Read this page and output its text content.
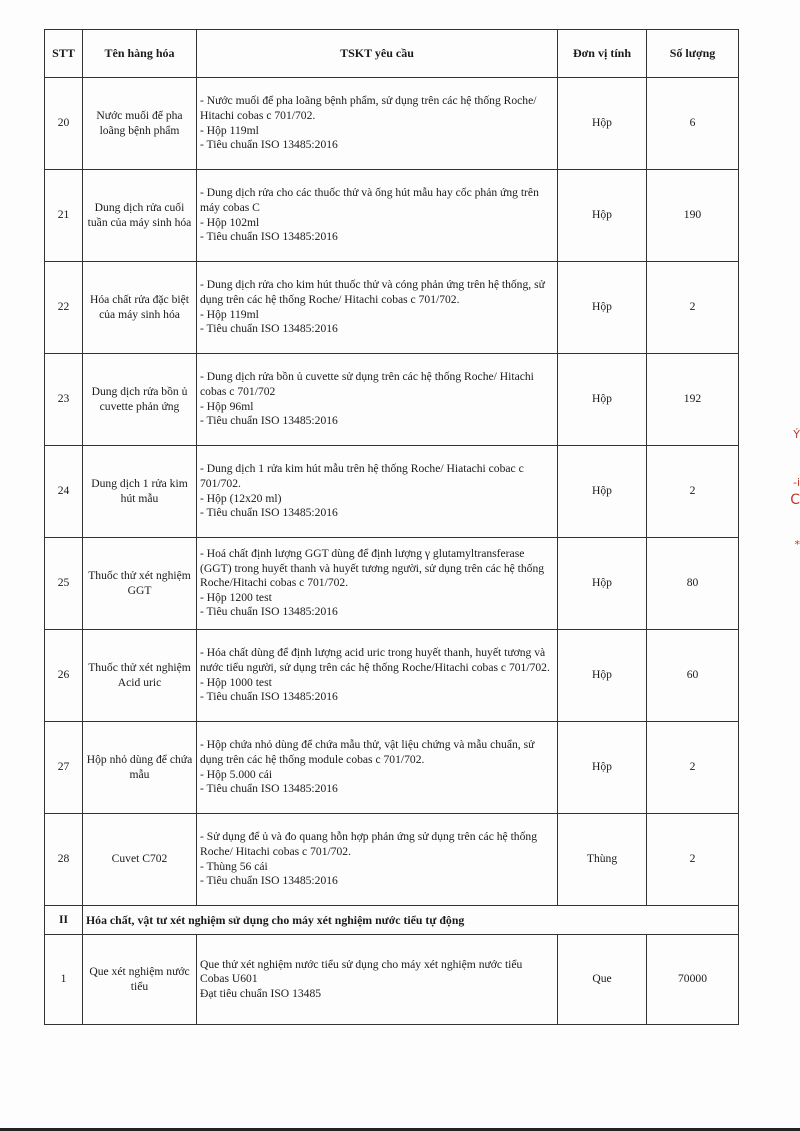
STT	Tên hàng hóa	TSKT yêu cầu	Đơn vị tính	Số lượng
20	Nước muối để pha loãng bệnh phẩm	- Nước muối để pha loãng bệnh phẩm, sử dụng trên các hệ thống Roche/ Hitachi cobas c 701/702.
- Hộp 119ml
- Tiêu chuẩn ISO 13485:2016	Hộp	6
21	Dung dịch rửa cuối tuần của máy sinh hóa	- Dung dịch rửa cho các thuốc thử và ống hút mẫu hay cốc phản ứng trên máy cobas C
- Hộp 102ml
- Tiêu chuẩn ISO 13485:2016	Hộp	190
22	Hóa chất rửa đặc biệt của máy sinh hóa	- Dung dịch rửa cho kim hút thuốc thử và cóng phản ứng trên hệ thống, sử dụng trên các hệ thống Roche/ Hitachi cobas c 701/702.
- Hộp 119ml
- Tiêu chuẩn ISO 13485:2016	Hộp	2
23	Dung dịch rửa bồn ủ cuvette phản ứng	- Dung dịch rửa bồn ủ cuvette sử dụng trên các hệ thống Roche/ Hitachi cobas c 701/702
- Hộp 96ml
- Tiêu chuẩn ISO 13485:2016	Hộp	192
24	Dung dịch 1 rửa kim hút mẫu	- Dung dịch 1 rửa kim hút mẫu trên hệ thống Roche/ Hiatachi cobac c 701/702.
- Hộp (12x20 ml)
- Tiêu chuẩn ISO 13485:2016	Hộp	2
25	Thuốc thử xét nghiệm GGT	- Hoá chất định lượng GGT dùng để định lượng γ glutamyltransferase (GGT) trong huyết thanh và huyết tương người, sử dụng trên các hệ thống Roche/Hitachi cobas c 701/702.
- Hộp 1200 test
- Tiêu chuẩn ISO 13485:2016	Hộp	80
26	Thuốc thử xét nghiệm Acid uric	- Hóa chất dùng để định lượng acid uric trong huyết thanh, huyết tương và nước tiểu người, sử dụng trên các hệ thống Roche/Hitachi cobas c 701/702.
- Hộp 1000 test
- Tiêu chuẩn ISO 13485:2016	Hộp	60
27	Hộp nhỏ dùng để chứa mẫu	- Hộp chứa nhỏ dùng để chứa mẫu thử, vật liệu chứng và mẫu chuẩn, sử dụng trên các hệ thống module cobas c 701/702.
- Hộp 5.000 cái
- Tiêu chuẩn ISO 13485:2016	Hộp	2
28	Cuvet C702	- Sử dụng để ủ và đo quang hỗn hợp phản ứng sử dụng trên các hệ thống Roche/ Hitachi cobas c 701/702.
- Thùng 56 cái
- Tiêu chuẩn ISO 13485:2016	Thùng	2
II	Hóa chất, vật tư xét nghiệm sử dụng cho máy xét nghiệm nước tiểu tự động			
1	Que xét nghiệm nước tiểu	Que thử xét nghiệm nước tiểu sử dụng cho máy xét nghiệm nước tiểu Cobas U601
Đạt tiêu chuẩn ISO 13485	Que	70000
Ý
-i
C
*
